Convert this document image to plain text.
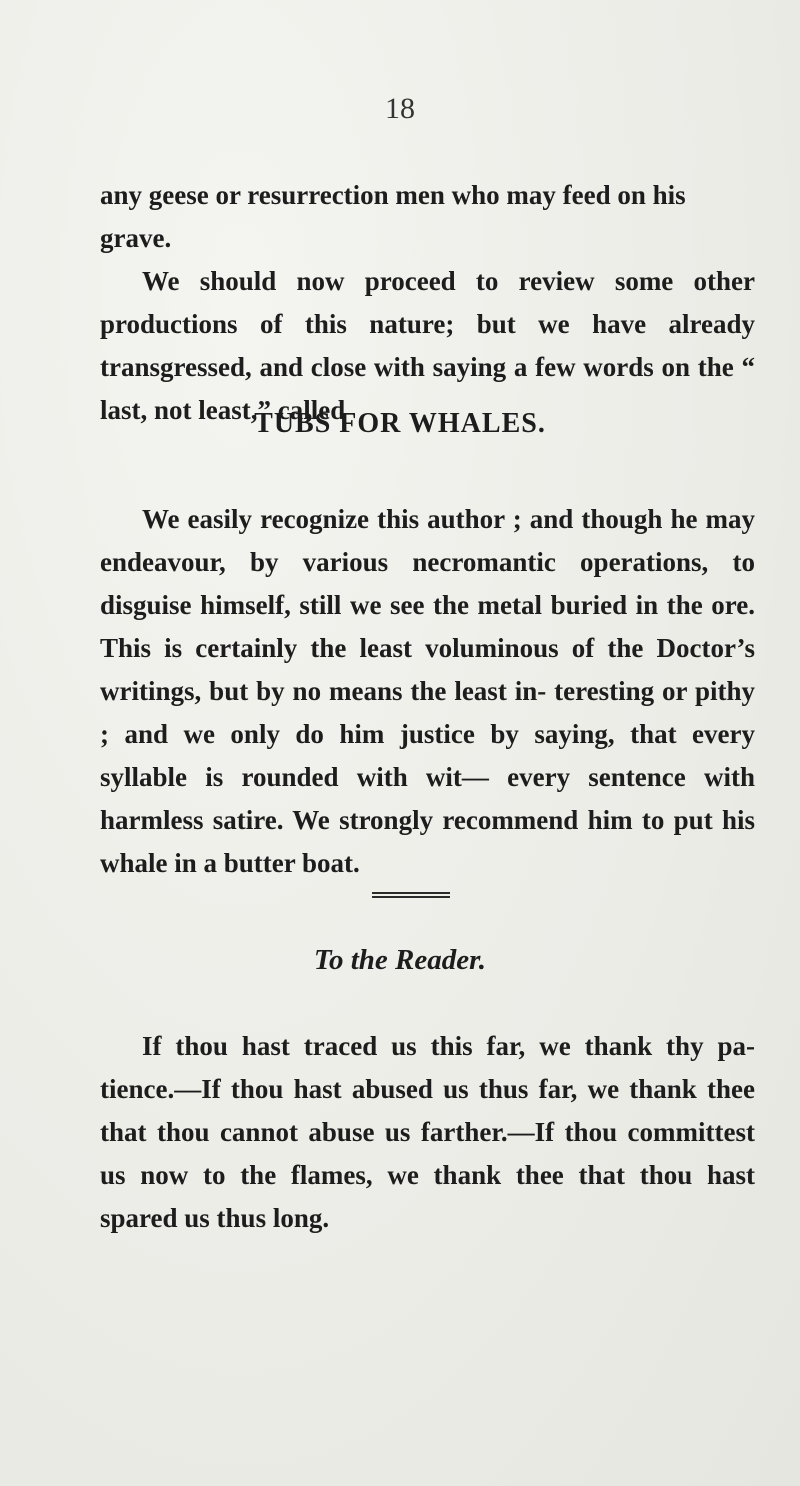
18

any geese or resurrection men who may feed on his

grave.

We should now proceed to review some other productions of this nature; but we have already transgressed, and close with saying a few words on the “ last, not least,” called

TUBS FOR WHALES.

We easily recognize this author ; and though he may endeavour, by various necromantic operations, to disguise himself, still we see the metal buried in the ore. This is certainly the least voluminous of the Doctor’s writings, but by no means the least in- teresting or pithy ; and we only do him justice by saying, that every syllable is rounded with wit— every sentence with harmless satire. We strongly recommend him to put his whale in a butter boat.

To the Reader.

If thou hast traced us this far, we thank thy pa- tience.—If thou hast abused us thus far, we thank thee that thou cannot abuse us farther.—If thou committest us now to the flames, we thank thee that thou hast spared us thus long.
